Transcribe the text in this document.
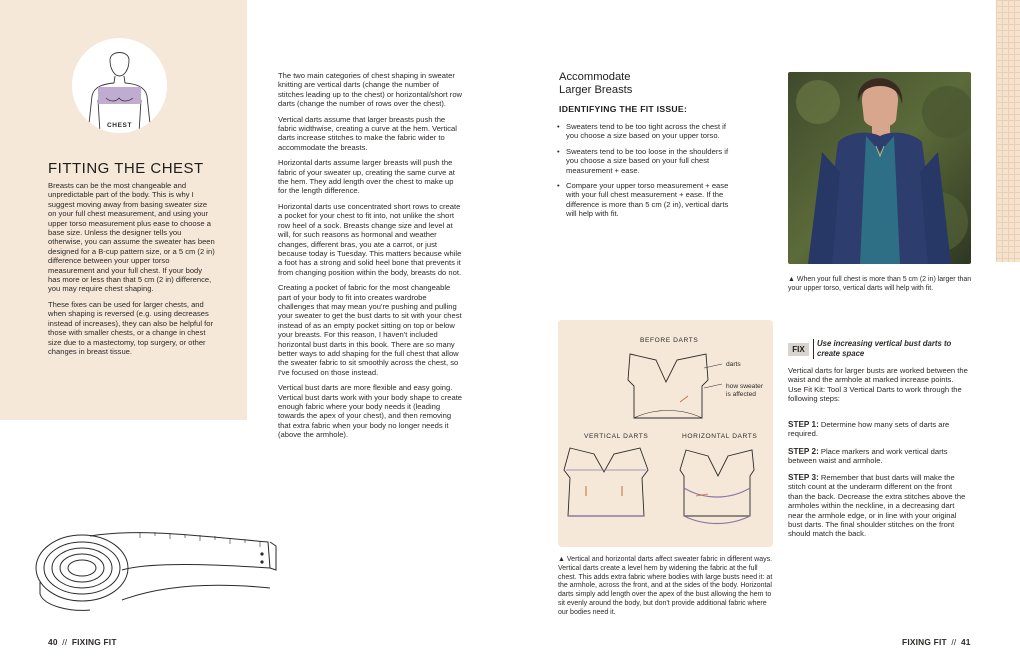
CHEST
FITTING THE CHEST

Breasts can be the most changeable and unpredictable part of the body. This is why I suggest moving away from basing sweater size on your full chest measurement, and using your upper torso measurement plus ease to choose a base size. Unless the designer tells you otherwise, you can assume the sweater has been designed for a B-cup pattern size, or a 5 cm (2 in) difference between your upper torso measurement and your full chest. If your body has more or less than that 5 cm (2 in) difference, you may require chest shaping.

These fixes can be used for larger chests, and when shaping is reversed (e.g. using decreases instead of increases), they can also be helpful for those with smaller chests, or a change in chest size due to a mastectomy, top surgery, or other changes in breast tissue.

The two main categories of chest shaping in sweater knitting are vertical darts (change the number of stitches leading up to the chest) or horizontal/short row darts (change the number of rows over the chest).

Vertical darts assume that larger breasts push the fabric widthwise, creating a curve at the hem. Vertical darts increase stitches to make the fabric wider to accommodate the breasts.

Horizontal darts assume larger breasts will push the fabric of your sweater up, creating the same curve at the hem. They add length over the chest to make up for the length difference.

Horizontal darts use concentrated short rows to create a pocket for your chest to fit into, not unlike the short row heel of a sock. Breasts change size and level at will, for such reasons as hormonal and weather changes, different bras, you ate a carrot, or just because today is Tuesday. This matters because while a foot has a strong and solid heel bone that prevents it from changing position within the body, breasts do not.

Creating a pocket of fabric for the most changeable part of your body to fit into creates wardrobe challenges that may mean you're pushing and pulling your sweater to get the bust darts to sit with your chest instead of as an empty pocket sitting on top or below your breasts. For this reason, I haven't included horizontal bust darts in this book. There are so many better ways to add shaping for the full chest that allow the sweater fabric to sit smoothly across the chest, so I've focused on those instead.

Vertical bust darts are more flexible and easy going. Vertical bust darts work with your body shape to create enough fabric where your body needs it (leading towards the apex of your chest), and then removing that extra fabric when your body no longer needs it (above the armhole).

Accommodate
Larger Breasts
IDENTIFYING THE FIT ISSUE:
• Sweaters tend to be too tight across the chest if you choose a size based on your upper torso.
• Sweaters tend to be too loose in the shoulders if you choose a size based on your full chest measurement + ease.
• Compare your upper torso measurement + ease with your full chest measurement + ease. If the difference is more than 5 cm (2 in), vertical darts will help with fit.
▲ When your full chest is more than 5 cm (2 in) larger than your upper torso, vertical darts will help with fit.
BEFORE DARTS
darts
how sweater
is affected
VERTICAL DARTS	HORIZONTAL DARTS
▲ Vertical and horizontal darts affect sweater fabric in different ways. Vertical darts create a level hem by widening the fabric at the full chest. This adds extra fabric where bodies with large busts need it: at the armhole, across the front, and at the sides of the body. Horizontal darts simply add length over the apex of the bust allowing the hem to sit evenly around the body, but don't provide additional fabric where our bodies need it.
FIX
Use increasing vertical bust darts to create space
Vertical darts for larger busts are worked between the waist and the armhole at marked increase points. Use Fit Kit: Tool 3 Vertical Darts to work through the following steps:
STEP 1: Determine how many sets of darts are required.
STEP 2: Place markers and work vertical darts between waist and armhole.
STEP 3: Remember that bust darts will make the stitch count at the underarm different on the front than the back. Decrease the extra stitches above the armholes within the neckline, in a decreasing dart near the armhole edge, or in line with your original bust darts. The final shoulder stitches on the front should match the back.
40 // FIXING FIT	FIXING FIT // 41
